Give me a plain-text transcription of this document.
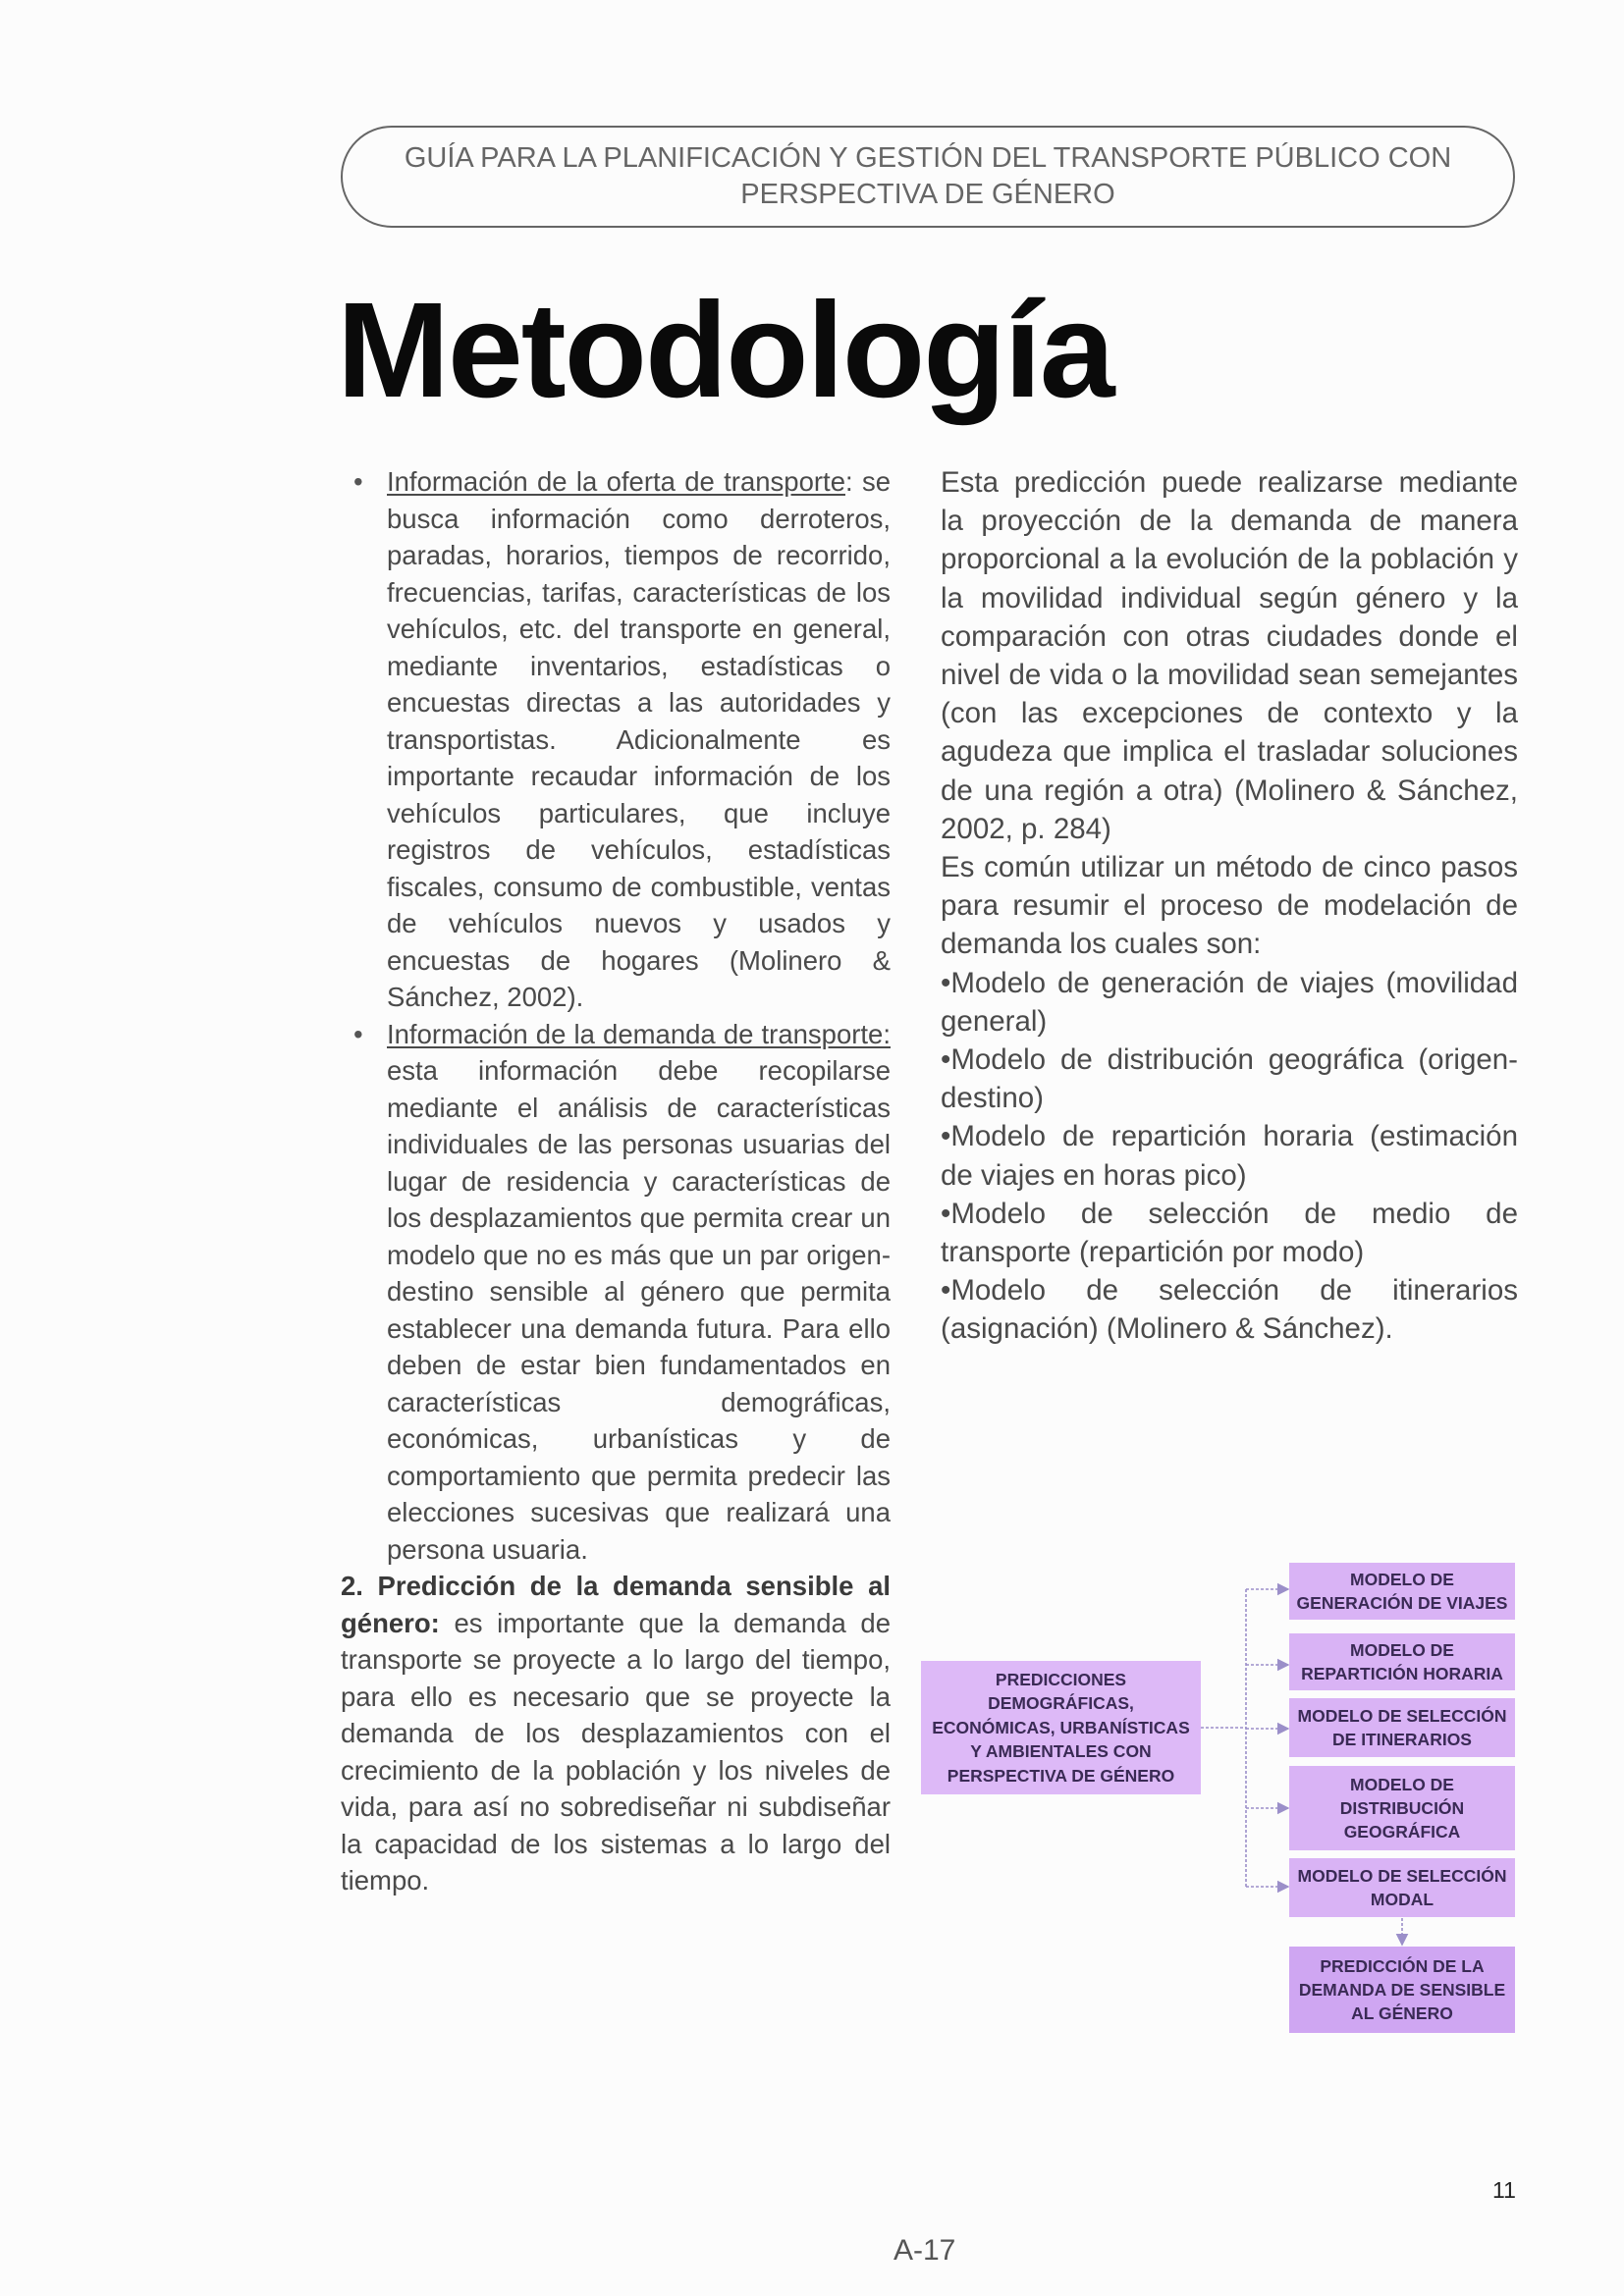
GUÍA PARA LA PLANIFICACIÓN Y GESTIÓN DEL TRANSPORTE PÚBLICO CON
PERSPECTIVA DE GÉNERO
Metodología
• Información de la oferta de transporte: se busca información como derroteros, paradas, horarios, tiempos de recorrido, frecuencias, tarifas, características de los vehículos, etc. del transporte en general, mediante inventarios, estadísticas o encuestas directas a las autoridades y transportistas. Adicionalmente es importante recaudar información de los vehículos particulares, que incluye registros de vehículos, estadísticas fiscales, consumo de combustible, ventas de vehículos nuevos y usados y encuestas de hogares (Molinero & Sánchez, 2002).
• Información de la demanda de transporte: esta información debe recopilarse mediante el análisis de características individuales de las personas usuarias del lugar de residencia y características de los desplazamientos que permita crear un modelo que no es más que un par origen-destino sensible al género que permita establecer una demanda futura. Para ello deben de estar bien fundamentados en características demográficas, económicas, urbanísticas y de comportamiento que permita predecir las elecciones sucesivas que realizará una persona usuaria.

2. Predicción de la demanda sensible al género: es importante que la demanda de transporte se proyecte a lo largo del tiempo, para ello es necesario que se proyecte la demanda de los desplazamientos con el crecimiento de la población y los niveles de vida, para así no sobrediseñar ni subdiseñar la capacidad de los sistemas a lo largo del tiempo.

Esta predicción puede realizarse mediante la proyección de la demanda de manera proporcional a la evolución de la población y la movilidad individual según género y la comparación con otras ciudades donde el nivel de vida o la movilidad sean semejantes (con las excepciones de contexto y la agudeza que implica el trasladar soluciones de una región a otra) (Molinero & Sánchez, 2002, p. 284)

Es común utilizar un método de cinco pasos para resumir el proceso de modelación de demanda los cuales son:

•Modelo de generación de viajes (movilidad general)

•Modelo de distribución geográfica (origen-destino)

•Modelo de repartición horaria (estimación de viajes en horas pico)

•Modelo de selección de medio de transporte (repartición por modo)

•Modelo de selección de itinerarios (asignación) (Molinero & Sánchez).

PREDICCIONES DEMOGRÁFICAS, ECONÓMICAS, URBANÍSTICAS Y AMBIENTALES CON PERSPECTIVA DE GÉNERO
MODELO DE GENERACIÓN DE VIAJES
MODELO DE REPARTICIÓN HORARIA
MODELO DE SELECCIÓN DE ITINERARIOS
MODELO DE DISTRIBUCIÓN GEOGRÁFICA
MODELO DE SELECCIÓN MODAL
PREDICCIÓN DE LA DEMANDA DE SENSIBLE AL GÉNERO
11
A-17
